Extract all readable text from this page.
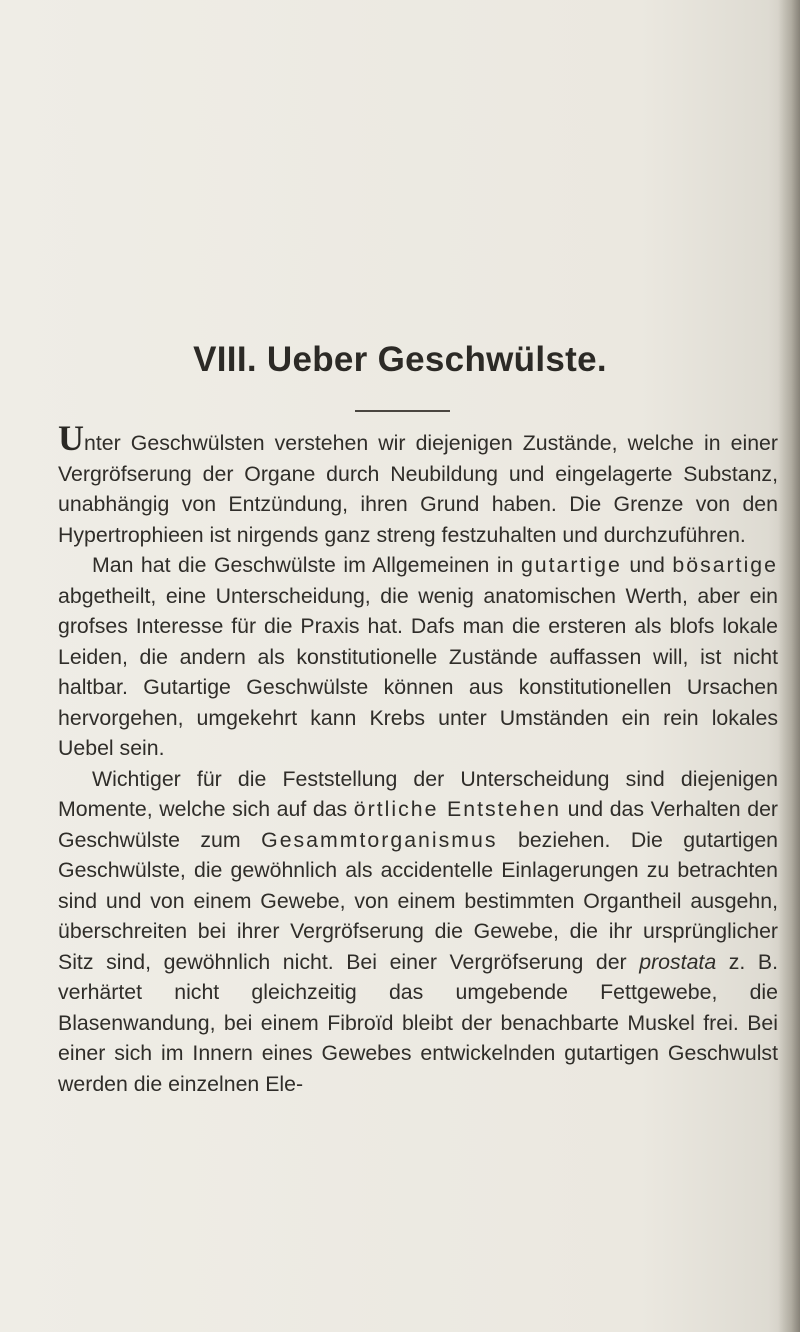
VIII. Ueber Geschwülste.

Unter Geschwülsten verstehen wir diejenigen Zustände, welche in einer Vergröfserung der Organe durch Neubildung und eingelagerte Substanz, unabhängig von Entzündung, ihren Grund haben. Die Grenze von den Hypertrophieen ist nirgends ganz streng festzuhalten und durchzuführen.

Man hat die Geschwülste im Allgemeinen in gutartige und bösartige abgetheilt, eine Unterscheidung, die wenig anatomischen Werth, aber ein grofses Interesse für die Praxis hat. Dafs man die ersteren als blofs lokale Leiden, die andern als konstitutionelle Zustände auffassen will, ist nicht haltbar. Gutartige Geschwülste können aus konstitutionellen Ursachen hervorgehen, umgekehrt kann Krebs unter Umständen ein rein lokales Uebel sein.

Wichtiger für die Feststellung der Unterscheidung sind diejenigen Momente, welche sich auf das örtliche Entstehen und das Verhalten der Geschwülste zum Gesammtorganismus beziehen. Die gutartigen Geschwülste, die gewöhnlich als accidentelle Einlagerungen zu betrachten sind und von einem Gewebe, von einem bestimmten Organtheil ausgehn, überschreiten bei ihrer Vergröfserung die Gewebe, die ihr ursprünglicher Sitz sind, gewöhnlich nicht. Bei einer Vergröfserung der prostata z. B. verhärtet nicht gleichzeitig das umgebende Fettgewebe, die Blasenwandung, bei einem Fibroïd bleibt der benachbarte Muskel frei. Bei einer sich im Innern eines Gewebes entwickelnden gutartigen Geschwulst werden die einzelnen Ele-
